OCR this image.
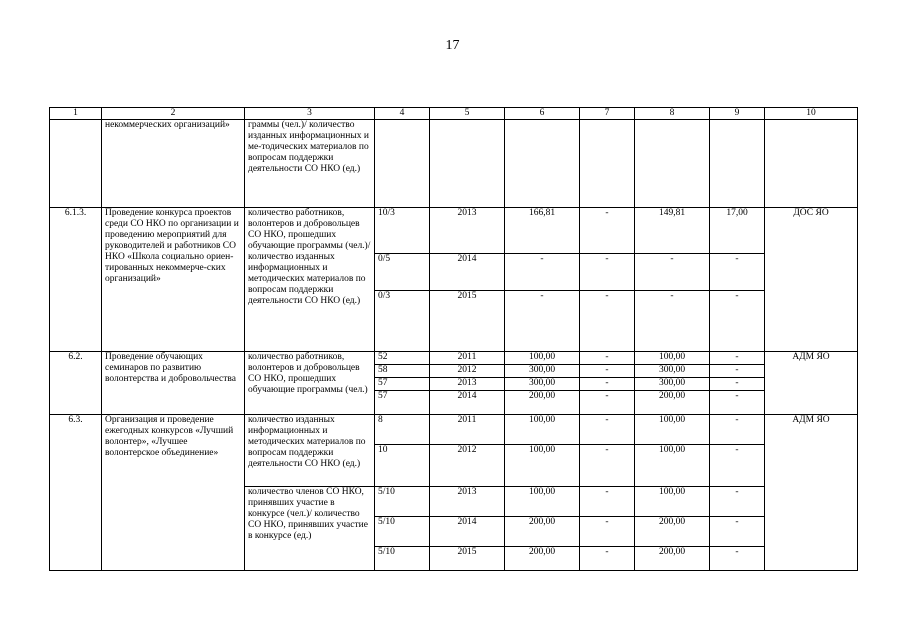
17
1	2	3	4	5	6	7	8	9	10
	некоммерческих организаций»	граммы (чел.)/ количество изданных информационных и ме-тодических материалов по вопросам поддержки деятельности СО НКО (ед.)							
6.1.3.	Проведение конкурса проектов среди СО НКО по организации и проведению мероприятий для руководителей и работников СО НКО «Школа социально ориен-тированных некоммерче-ских организаций»	количество работников, волонтеров и добровольцев СО НКО, прошедших обучающие программы (чел.)/ количество изданных информационных и методических материалов по вопросам поддержки деятельности СО НКО (ед.)	10/3	2013	166,81	-	149,81	17,00	ДОС ЯО
			0/5	2014	-	-	-	-	
			0/3	2015	-	-	-	-	
6.2.	Проведение обучающих семинаров по развитию волонтерства и добровольчества	количество работников, волонтеров и добровольцев СО НКО, прошедших обучающие программы (чел.)	52	2011	100,00	-	100,00	-	АДМ ЯО
			58	2012	300,00	-	300,00	-	
			57	2013	300,00	-	300,00	-	
			57	2014	200,00	-	200,00	-	
6.3.	Организация и проведение ежегодных конкурсов «Лучший волонтер», «Лучшее волонтерское объединение»	количество изданных информационных и методических материалов по вопросам поддержки деятельности СО НКО (ед.)	8	2011	100,00	-	100,00	-	АДМ ЯО
			10	2012	100,00	-	100,00	-	
		количество членов СО НКО, принявших участие в конкурсе (чел.)/ количество СО НКО, принявших участие в конкурсе (ед.)	5/10	2013	100,00	-	100,00	-	
			5/10	2014	200,00	-	200,00	-	
			5/10	2015	200,00	-	200,00	-	
